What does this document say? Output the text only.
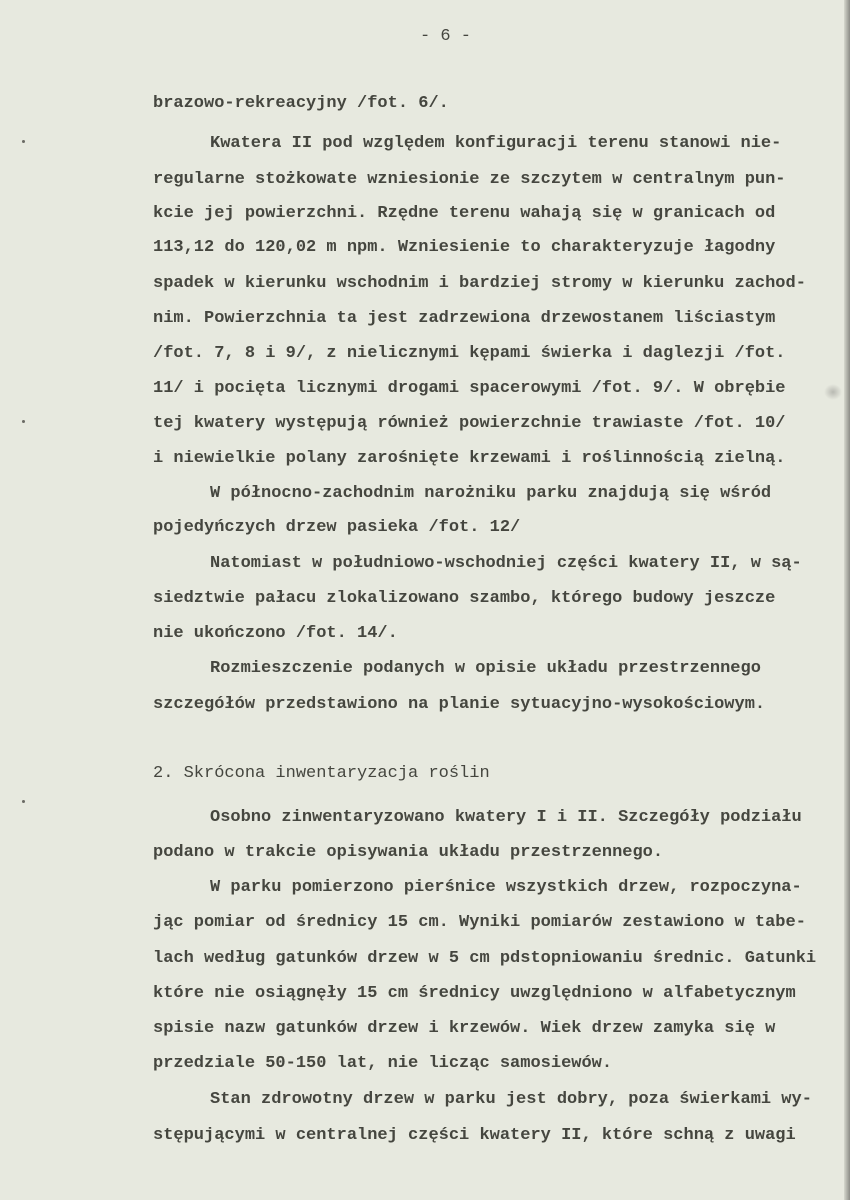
- 6 -
brazowo-rekreacyjny /fot. 6/.
Kwatera II pod względem konfiguracji terenu stanowi nie-
regularne stożkowate wzniesionie ze szczytem w centralnym pun-
kcie jej powierzchni. Rzędne terenu wahają się w granicach od
113,12 do 120,02 m npm. Wzniesienie to charakteryzuje łagodny
spadek w kierunku wschodnim i bardziej stromy w kierunku zachod-
nim. Powierzchnia ta jest zadrzewiona drzewostanem liściastym
/fot. 7, 8 i 9/, z nielicznymi kępami świerka i daglezji /fot.
11/ i pocięta licznymi drogami spacerowymi /fot. 9/. W obrębie
tej kwatery występują również powierzchnie trawiaste /fot. 10/
i niewielkie polany zarośnięte krzewami i roślinnością zielną.
W północno-zachodnim narożniku parku znajdują się wśród
pojedyńczych drzew pasieka /fot. 12/
Natomiast w południowo-wschodniej części kwatery II, w są-
siedztwie pałacu zlokalizowano szambo, którego budowy jeszcze
nie ukończono /fot. 14/.
Rozmieszczenie podanych w opisie układu przestrzennego
szczegółów przedstawiono na planie sytuacyjno-wysokościowym.
2. Skrócona inwentaryzacja roślin
Osobno zinwentaryzowano kwatery I i II. Szczegóły podziału
podano w trakcie opisywania układu przestrzennego.
W parku pomierzono pierśnice wszystkich drzew, rozpoczyna-
jąc pomiar od średnicy 15 cm. Wyniki pomiarów zestawiono w tabe-
lach według gatunków drzew w 5 cm pdstopniowaniu średnic. Gatunki
które nie osiągnęły 15 cm średnicy uwzględniono w alfabetycznym
spisie nazw gatunków drzew i krzewów. Wiek drzew zamyka się w
przedziale 50-150 lat, nie licząc samosiewów.
Stan zdrowotny drzew w parku jest dobry, poza świerkami wy-
stępującymi w centralnej części kwatery II, które schną z uwagi
